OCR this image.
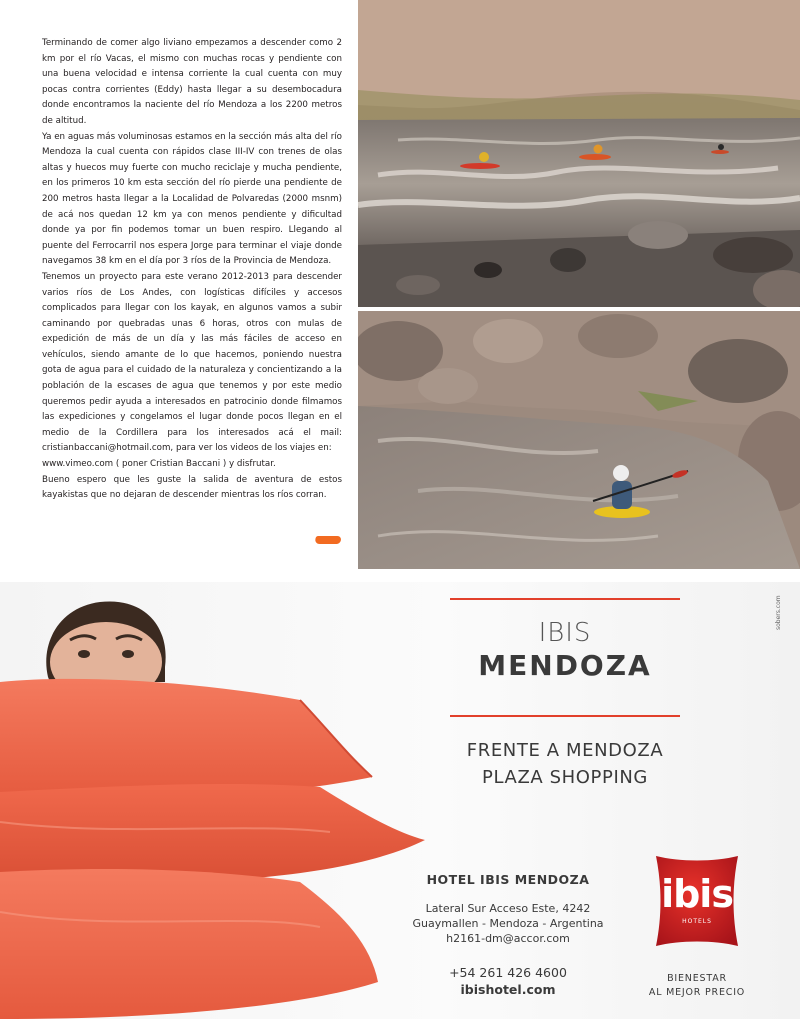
Terminando de comer algo liviano empezamos a descender como 2 km por el río Vacas, el mismo con muchas rocas y pendiente con una buena velocidad e intensa corriente la cual cuenta con muy pocas contra corrientes (Eddy) hasta llegar a su desembocadura donde encontramos la naciente del río Mendoza a los 2200 metros de altitud.

Ya en aguas más voluminosas estamos en la sección más alta del río Mendoza la cual cuenta con rápidos clase III-IV con trenes de olas altas y huecos muy fuerte con mucho reciclaje y mucha pendiente, en los primeros 10 km esta sección del río pierde una pendiente de 200 metros hasta llegar a la Localidad de Polvaredas (2000 msnm) de acá nos quedan 12 km ya con menos pendiente y dificultad donde ya por fin podemos tomar un buen respiro. Llegando al puente del Ferrocarril nos espera Jorge para terminar el viaje donde navegamos 38 km en el día por 3 ríos de la Provincia de Mendoza.

Tenemos un proyecto para este verano 2012-2013 para descender varios ríos de Los Andes, con logísticas difíciles y accesos complicados para llegar con los kayak, en algunos vamos a subir caminando por quebradas unas 6 horas, otros con mulas de expedición de más de un día y las más fáciles de acceso en vehículos, siendo amante de lo que hacemos, poniendo nuestra gota de agua para el cuidado de la naturaleza y concientizando a la población de la escases de agua que tenemos y por este medio queremos pedir ayuda a interesados en patrocinio donde filmamos las expediciones y congelamos el lugar donde pocos llegan en el medio de la Cordillera para los interesados acá el mail: cristianbaccani@hotmail.com, para ver los videos de los viajes en:

www.vimeo.com ( poner Cristian Baccani ) y disfrutar.

Bueno espero que les guste la salida de aventura de estos kayakistas que no dejaran de descender mientras los ríos corran.

IBIS
MENDOZA
FRENTE A MENDOZA
PLAZA SHOPPING
HOTEL IBIS MENDOZA
Lateral Sur Acceso Este, 4242
Guaymallen - Mendoza - Argentina
h2161-dm@accor.com
+54 261 426 4600
ibishotel.com
ibis
HOTELS
BIENESTAR
AL MEJOR PRECIO
sobers.com
